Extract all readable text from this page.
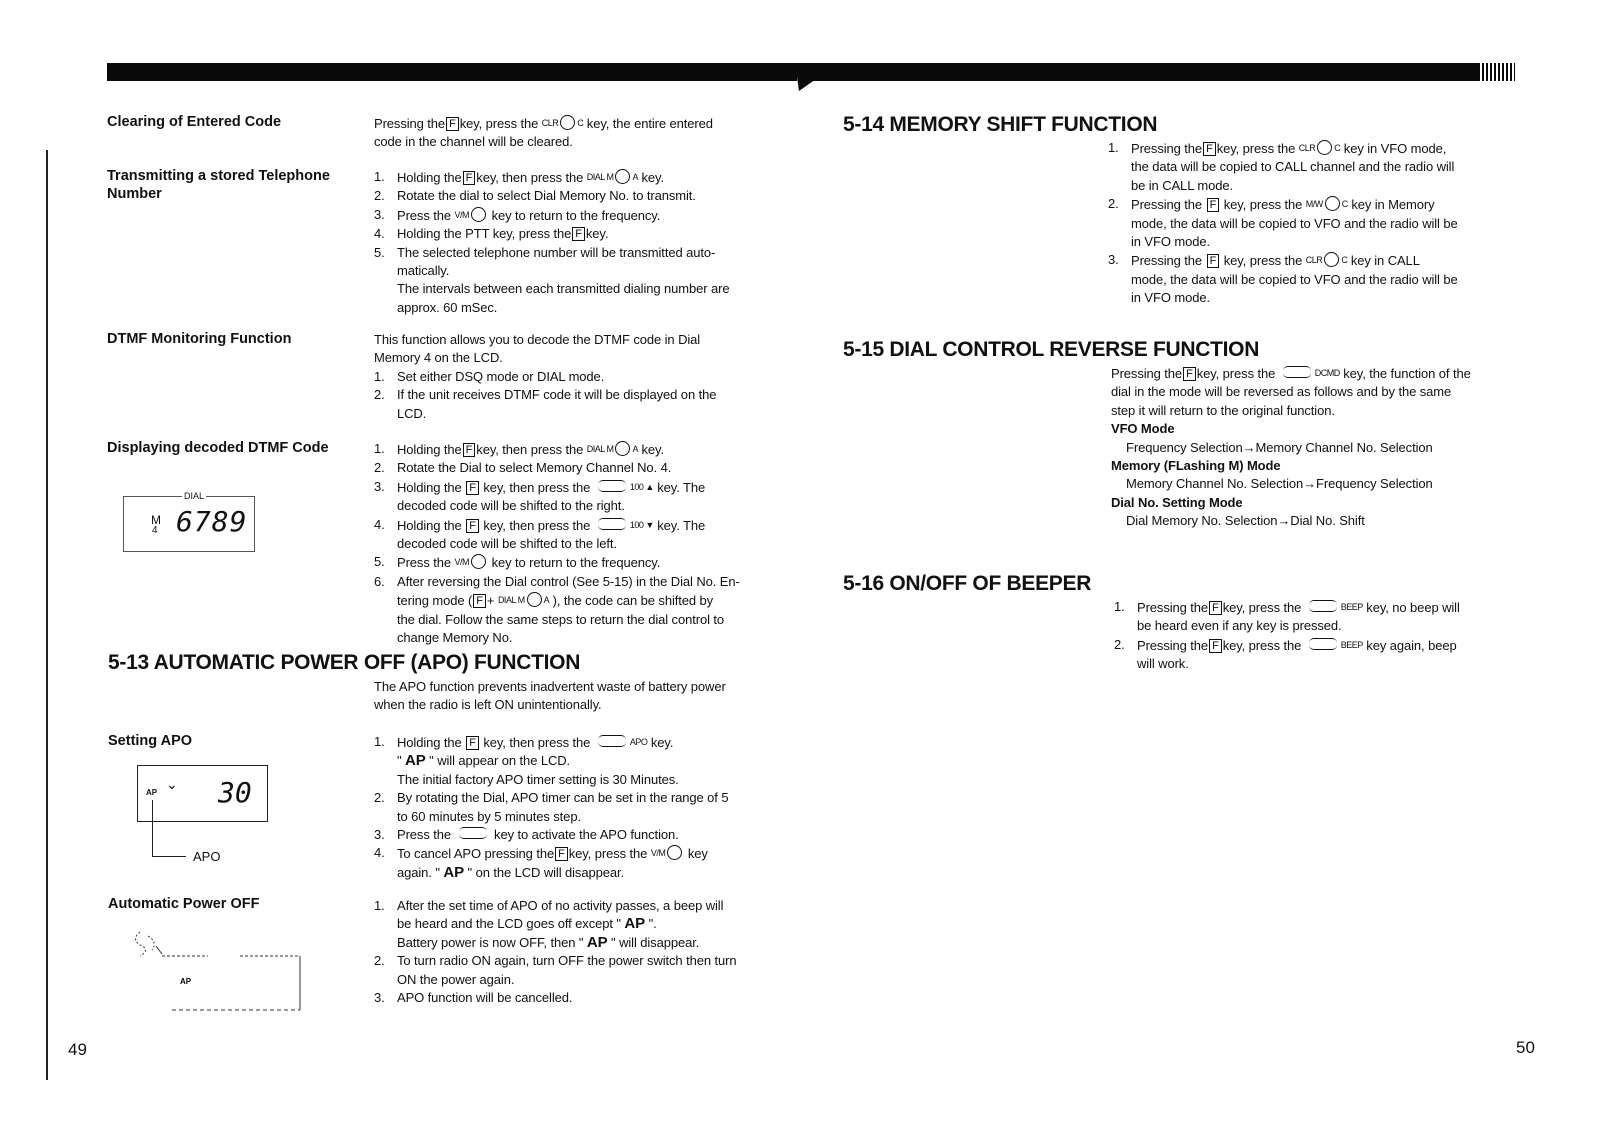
Clearing of Entered Code	Pressing the F key, press the CLR C key, the entire entered
code in the channel will be cleared.
Transmitting a stored Telephone
Number
1. Holding the F key, then press the DIAL M A key.
2. Rotate the dial to select Dial Memory No. to transmit.
3. Press the V/M key to return to the frequency.
4. Holding the PTT key, press the F key.
5. The selected telephone number will be transmitted auto-
matically.
The intervals between each transmitted dialing number are
approx. 60 mSec.
DTMF Monitoring Function	This function allows you to decode the DTMF code in Dial
Memory 4 on the LCD.
1. Set either DSQ mode or DIAL mode.
2. If the unit receives DTMF code it will be displayed on the
LCD.
Displaying decoded DTMF Code
DIAL
M
4 6789
1. Holding the F key, then press the DIAL M A key.
2. Rotate the Dial to select Memory Channel No. 4.
3. Holding the F key, then press the	100 ▲ key. The
decoded code will be shifted to the right.
4. Holding the F key, then press the	100 ▼ key. The
decoded code will be shifted to the left.
5. Press the V/M key to return to the frequency.
6. After reversing the Dial control (See 5-15) in the Dial No. En-
tering mode ( F + DIAL M A ), the code can be shifted by
the dial. Follow the same steps to return the dial control to
change Memory No.
5-13 AUTOMATIC POWER OFF (APO) FUNCTION
The APO function prevents inadvertent waste of battery power
when the radio is left ON unintentionally.
Setting APO
AP
⌄ 30
APO
1. Holding the F key, then press the	APO key.
" AP " will appear on the LCD.
The initial factory APO timer setting is 30 Minutes.
2. By rotating the Dial, APO timer can be set in the range of 5
to 60 minutes by 5 minutes step.
3. Press the	key to activate the APO function.
4. To cancel APO pressing the F key, press the V/M key
again. " AP " on the LCD will disappear.
Automatic Power OFF
AP
1. After the set time of APO of no activity passes, a beep will
be heard and the LCD goes off except " AP ".
Battery power is now OFF, then " AP " will disappear.
2. To turn radio ON again, turn OFF the power switch then turn
ON the power again.
3. APO function will be cancelled.
49
5-14 MEMORY SHIFT FUNCTION
1. Pressing the F key, press the CLR C key in VFO mode,
the data will be copied to CALL channel and the radio will
be in CALL mode.
2. Pressing the F key, press the M/W C key in Memory
mode, the data will be copied to VFO and the radio will be
in VFO mode.
3. Pressing the F key, press the CLR C key in CALL
mode, the data will be copied to VFO and the radio will be
in VFO mode.
5-15 DIAL CONTROL REVERSE FUNCTION
Pressing the F key, press the	DCMD key, the function of the
dial in the mode will be reversed as follows and by the same
step it will return to the original function.
VFO Mode
Frequency Selection→Memory Channel No. Selection
Memory (FLashing M) Mode
Memory Channel No. Selection→Frequency Selection
Dial No. Setting Mode
Dial Memory No. Selection→Dial No. Shift
5-16 ON/OFF OF BEEPER
1. Pressing the F key, press the	BEEP key, no beep will
be heard even if any key is pressed.
2. Pressing the F key, press the	BEEP key again, beep
will work.
50
